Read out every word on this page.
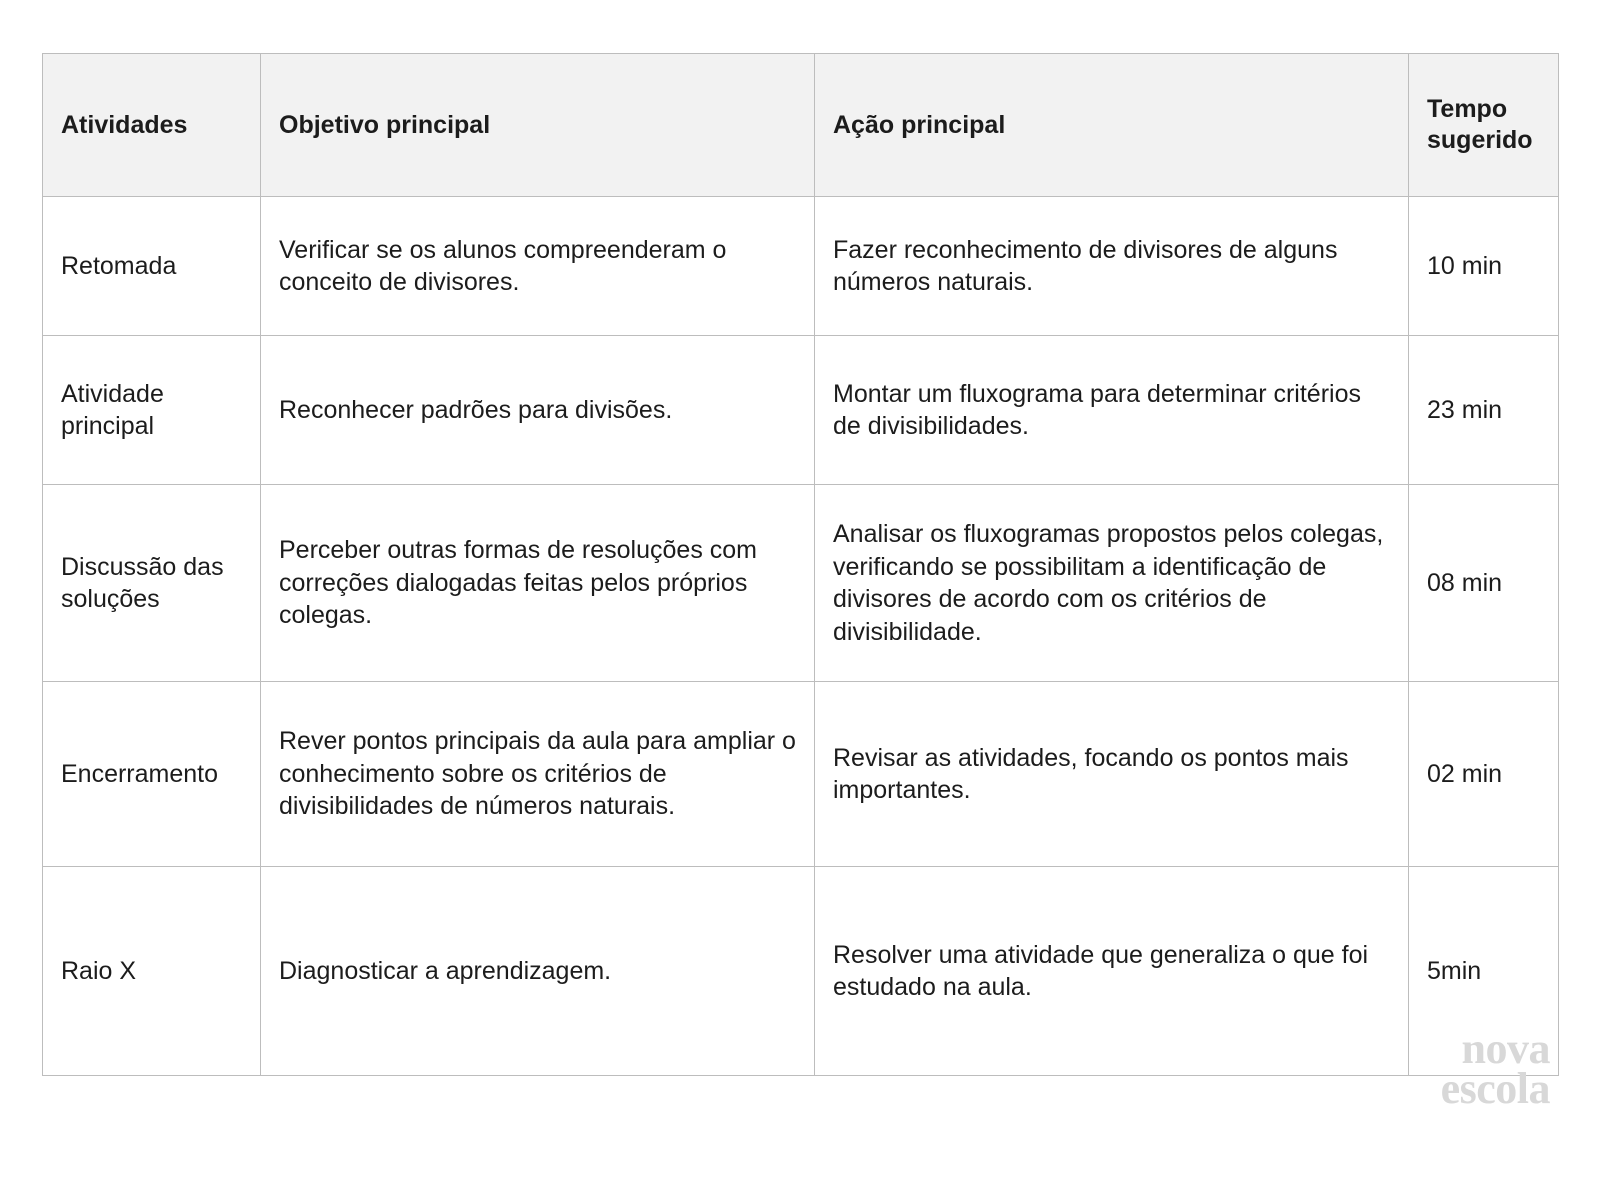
Atividades	Objetivo principal	Ação principal	Tempo sugerido
Retomada	Verificar se os alunos compreenderam o conceito de divisores.	Fazer reconhecimento de divisores de alguns números naturais.	10 min
Atividade principal	Reconhecer padrões para divisões.	Montar um fluxograma para determinar critérios de divisibilidades.	23 min
Discussão das soluções	Perceber outras formas de resoluções com correções dialogadas feitas pelos próprios colegas.	Analisar os fluxogramas propostos pelos colegas, verificando se possibilitam a identificação de divisores de acordo com os critérios de divisibilidade.	08 min
Encerramento	Rever pontos principais da aula para ampliar o conhecimento sobre os critérios de divisibilidades de números naturais.	Revisar as atividades, focando os pontos mais importantes.	02 min
Raio X	Diagnosticar a aprendizagem.	Resolver uma atividade que generaliza o que foi estudado na aula.	5min
nova
escola
